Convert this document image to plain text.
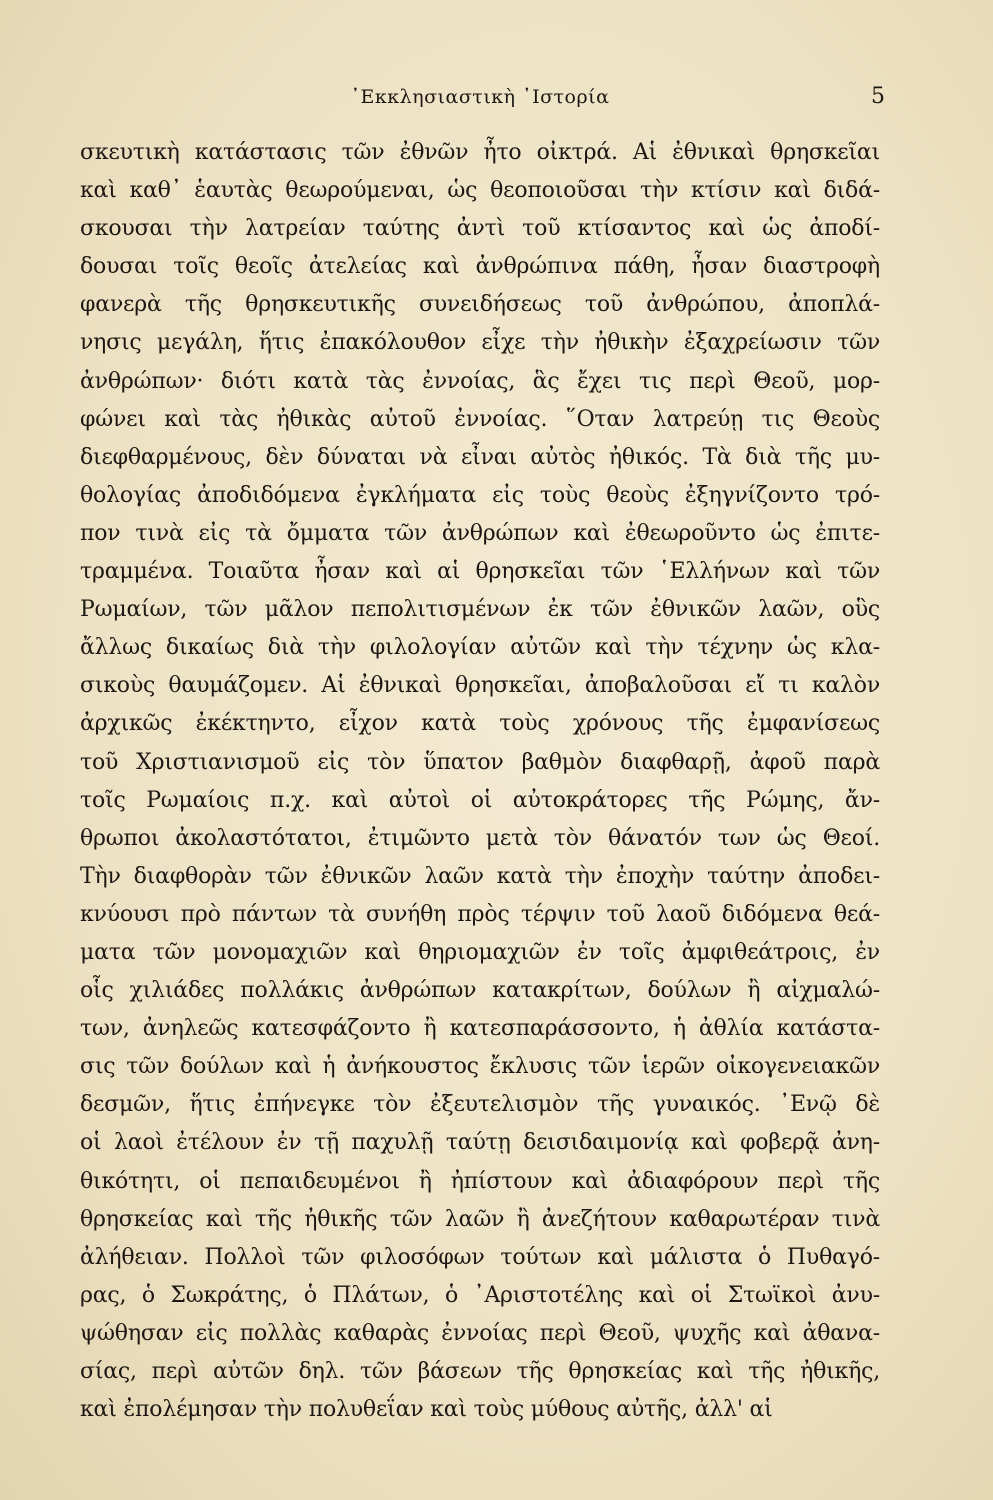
᾿Εκκλησιαστικὴ ῾Ιστορία	5
σκευτικὴ κατάστασις τῶν ἐθνῶν ἦτο οἰκτρά. Αἱ ἐθνικαὶ θρησκεῖαι
καὶ καθ᾿ ἑαυτὰς θεωρούμεναι, ὡς θεοποιοῦσαι τὴν κτίσιν καὶ διδά-
σκουσαι τὴν λατρείαν ταύτης ἀντὶ τοῦ κτίσαντος καὶ ὡς ἀποδί-
δουσαι τοῖς θεοῖς ἀτελείας καὶ ἀνθρώπινα πάθη, ἦσαν διαστροφὴ
φανερὰ τῆς θρησκευτικῆς συνειδήσεως τοῦ ἀνθρώπου, ἀποπλά-
νησις μεγάλη, ἥτις ἐπακόλουθον εἶχε τὴν ἠθικὴν ἐξαχρείωσιν τῶν
ἀνθρώπων· διότι κατὰ τὰς ἐννοίας, ἃς ἔχει τις περὶ Θεοῦ, μορ-
φώνει καὶ τὰς ἠθικὰς αὐτοῦ ἐννοίας. ῞Οταν λατρεύῃ τις Θεοὺς
διεφθαρμένους, δὲν δύναται νὰ εἶναι αὐτὸς ἠθικός. Τὰ διὰ τῆς μυ-
θολογίας ἀποδιδόμενα ἐγκλήματα εἰς τοὺς θεοὺς ἐξηγνίζοντο τρό-
πον τινὰ εἰς τὰ ὄμματα τῶν ἀνθρώπων καὶ ἐθεωροῦντο ὡς ἐπιτε-
τραμμένα. Τοιαῦτα ἦσαν καὶ αἱ θρησκεῖαι τῶν ῾Ελλήνων καὶ τῶν
Ρωμαίων, τῶν μᾶλον πεπολιτισμένων ἐκ τῶν ἐθνικῶν λαῶν, οὓς
ἄλλως δικαίως διὰ τὴν φιλολογίαν αὐτῶν καὶ τὴν τέχνην ὡς κλα-
σικοὺς θαυμάζομεν. Αἱ ἐθνικαὶ θρησκεῖαι, ἀποβαλοῦσαι εἴ τι καλὸν
ἀρχικῶς ἐκέκτηντο, εἶχον κατὰ τοὺς χρόνους τῆς ἐμφανίσεως
τοῦ Χριστιανισμοῦ εἰς τὸν ὕπατον βαθμὸν διαφθαρῇ, ἀφοῦ παρὰ
τοῖς Ρωμαίοις π.χ. καὶ αὐτοὶ οἱ αὐτοκράτορες τῆς Ρώμης, ἄν-
θρωποι ἀκολαστότατοι, ἐτιμῶντο μετὰ τὸν θάνατόν των ὡς Θεοί.
Τὴν διαφθορὰν τῶν ἐθνικῶν λαῶν κατὰ τὴν ἐποχὴν ταύτην ἀποδει-
κνύουσι πρὸ πάντων τὰ συνήθη πρὸς τέρψιν τοῦ λαοῦ διδόμενα θεά-
ματα τῶν μονομαχιῶν καὶ θηριομαχιῶν ἐν τοῖς ἀμφιθεάτροις, ἐν
οἷς χιλιάδες πολλάκις ἀνθρώπων κατακρίτων, δούλων ἢ αἰχμαλώ-
των, ἀνηλεῶς κατεσφάζοντο ἢ κατεσπαράσσοντο, ἡ ἀθλία κατάστα-
σις τῶν δούλων καὶ ἡ ἀνήκουστος ἔκλυσις τῶν ἱερῶν οἰκογενειακῶν
δεσμῶν, ἥτις ἐπήνεγκε τὸν ἐξευτελισμὸν τῆς γυναικός. ᾿Ενῷ δὲ
οἱ λαοὶ ἐτέλουν ἐν τῇ παχυλῇ ταύτῃ δεισιδαιμονίᾳ καὶ φοβερᾷ ἀνη-
θικότητι, οἱ πεπαιδευμένοι ἢ ἠπίστουν καὶ ἀδιαφόρουν περὶ τῆς
θρησκείας καὶ τῆς ἠθικῆς τῶν λαῶν ἢ ἀνεζήτουν καθαρωτέραν τινὰ
ἀλήθειαν. Πολλοὶ τῶν φιλοσόφων τούτων καὶ μάλιστα ὁ Πυθαγό-
ρας, ὁ Σωκράτης, ὁ Πλάτων, ὁ ᾿Αριστοτέλης καὶ οἱ Στωϊκοὶ ἀνυ-
ψώθησαν εἰς πολλὰς καθαρὰς ἐννοίας περὶ Θεοῦ, ψυχῆς καὶ ἀθανα-
σίας, περὶ αὐτῶν δηλ. τῶν βάσεων τῆς θρησκείας καὶ τῆς ἠθικῆς,
καὶ ἐπολέμησαν τὴν πολυθεΐαν καὶ τοὺς μύθους αὐτῆς, ἀλλ' αἱ
